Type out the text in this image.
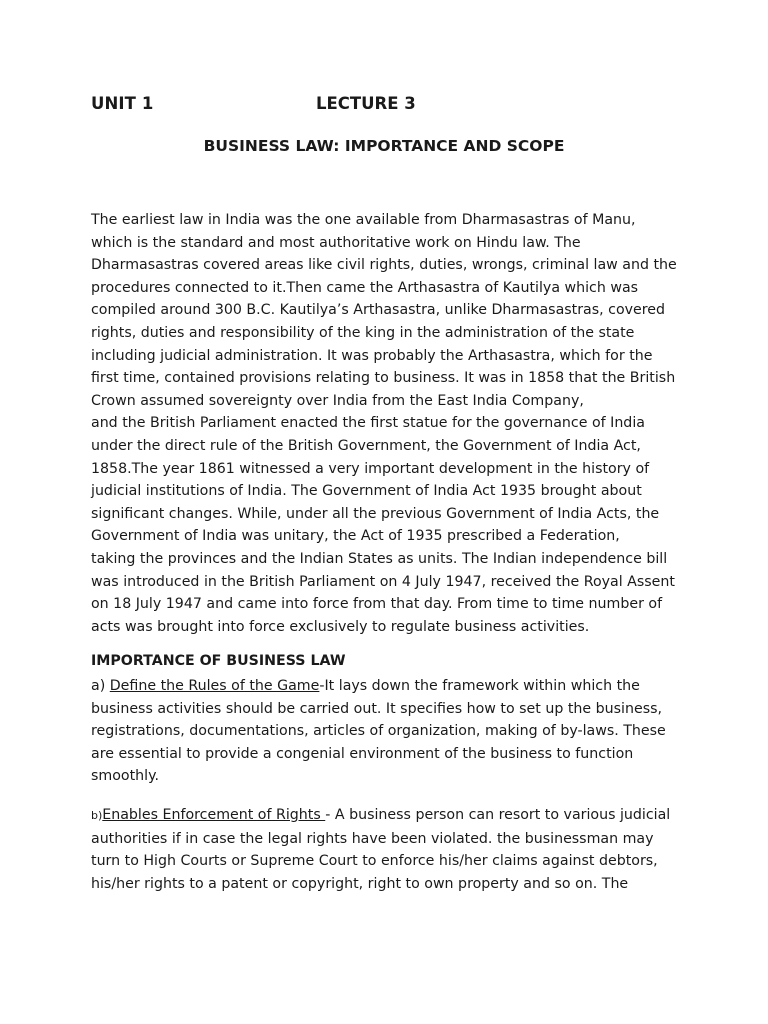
UNIT 1	LECTURE 3
BUSINESS LAW: IMPORTANCE AND SCOPE
The earliest law in India was the one available from Dharmasastras of Manu,
which is the standard and most authoritative work on Hindu law. The
Dharmasastras covered areas like civil rights, duties, wrongs, criminal law and the
procedures connected to it.Then came the Arthasastra of Kautilya which was
compiled around 300 B.C. Kautilya’s Arthasastra, unlike Dharmasastras, covered
rights, duties and responsibility of the king in the administration of the state
including judicial administration. It was probably the Arthasastra, which for the
first time, contained provisions relating to business. It was in 1858 that the British
Crown assumed sovereignty over India from the East India Company,
and the British Parliament enacted the first statue for the governance of India
under the direct rule of the British Government, the Government of India Act,
1858.The year 1861 witnessed a very important development in the history of
judicial institutions of India. The Government of India Act 1935 brought about
significant changes. While, under all the previous Government of India Acts, the
Government of India was unitary, the Act of 1935 prescribed a Federation,
taking the provinces and the Indian States as units. The Indian independence bill
was introduced in the British Parliament on 4 July 1947, received the Royal Assent
on 18 July 1947 and came into force from that day. From time to time number of
acts was brought into force exclusively to regulate business activities.
IMPORTANCE OF BUSINESS LAW
a) Define the Rules of the Game-It lays down the framework within which the
business activities should be carried out. It specifies how to set up the business,
registrations, documentations, articles of organization, making of by-laws. These
are essential to provide a congenial environment of the business to function
smoothly.
b)Enables Enforcement of Rights - A business person can resort to various judicial
authorities if in case the legal rights have been violated. the businessman may
turn to High Courts or Supreme Court to enforce his/her claims against debtors,
his/her rights to a patent or copyright, right to own property and so on. The
